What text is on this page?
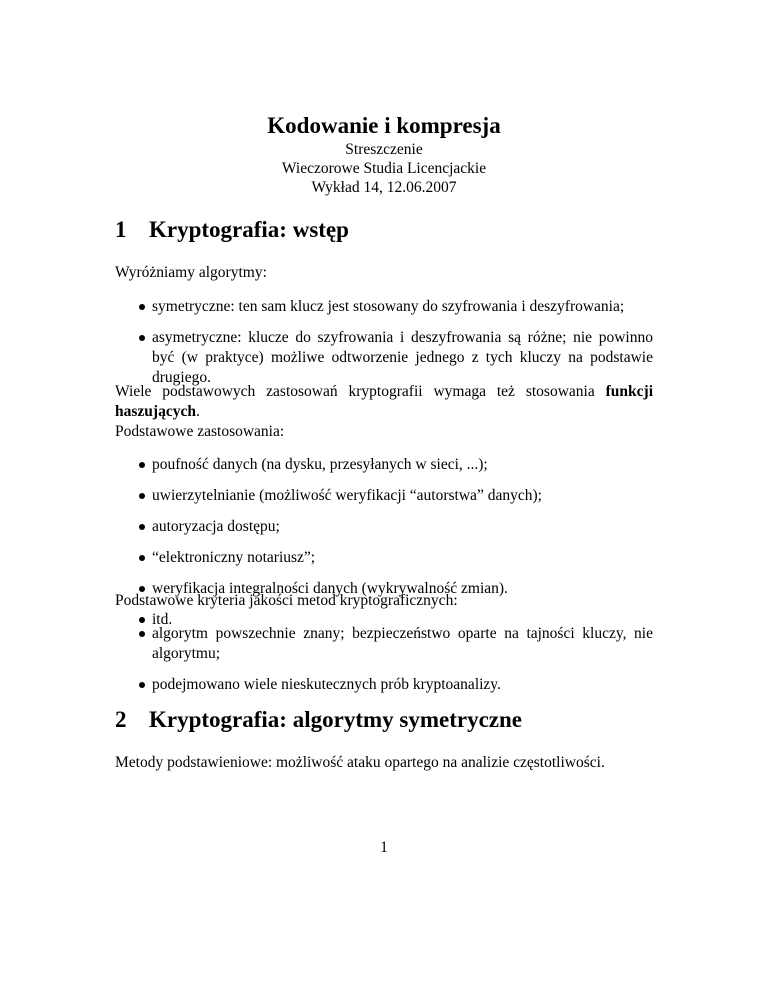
Kodowanie i kompresja

Streszczenie

Wieczorowe Studia Licencjackie

Wykład 14, 12.06.2007

1 Kryptografia: wstęp

Wyróżniamy algorytmy:

symetryczne: ten sam klucz jest stosowany do szyfrowania i deszyfrowania;
asymetryczne: klucze do szyfrowania i deszyfrowania są różne; nie powinno być (w praktyce) możliwe odtworzenie jednego z tych kluczy na podstawie drugiego.

Wiele podstawowych zastosowań kryptografii wymaga też stosowania funkcji haszujących.

Podstawowe zastosowania:

poufność danych (na dysku, przesyłanych w sieci, ...);
uwierzytelnianie (możliwość weryfikacji “autorstwa” danych);
autoryzacja dostępu;
“elektroniczny notariusz”;
weryfikacja integralności danych (wykrywalność zmian).
itd.

Podstawowe kryteria jakości metod kryptograficznych:

algorytm powszechnie znany; bezpieczeństwo oparte na tajności kluczy, nie algorytmu;
podejmowano wiele nieskutecznych prób kryptoanalizy.
2 Kryptografia: algorytmy symetryczne

Metody podstawieniowe: możliwość ataku opartego na analizie częstotliwości.

1
